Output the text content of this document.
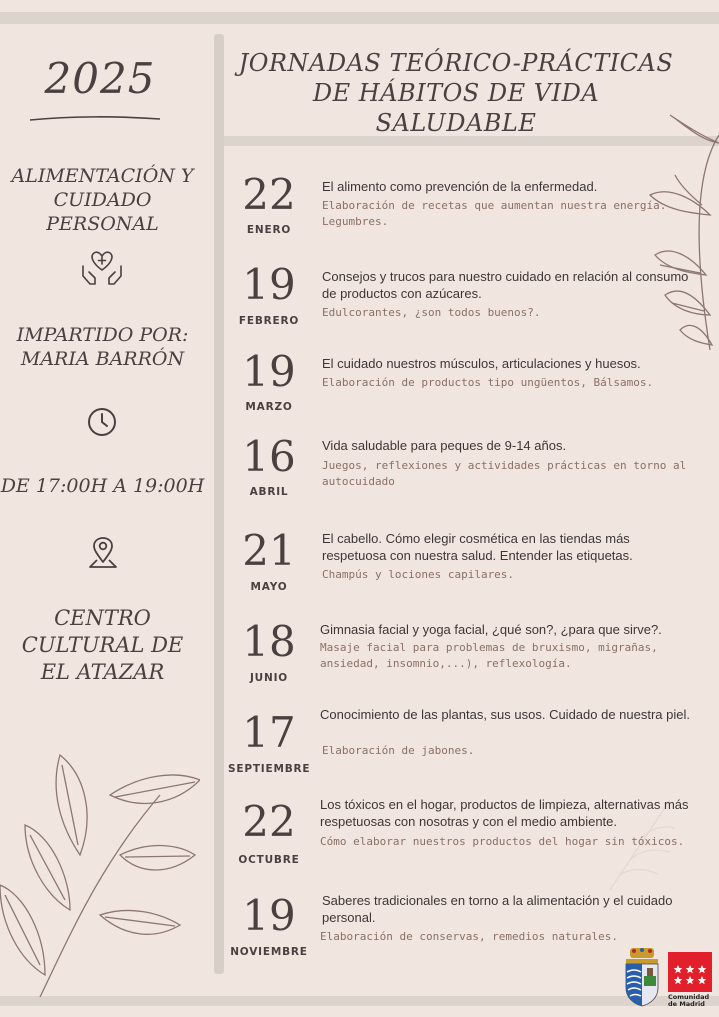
2025
ALIMENTACIÓN Y
CUIDADO PERSONAL
IMPARTIDO POR:
MARIA BARRÓN
DE 17:00H A 19:00H
CENTRO
CULTURAL DE
EL ATAZAR
JORNADAS TEÓRICO-PRÁCTICAS
DE HÁBITOS DE VIDA SALUDABLE
22
ENERO
El alimento como prevención de la enfermedad.
Elaboración de recetas que aumentan nuestra energía. Legumbres.
19
FEBRERO
Consejos y trucos para nuestro cuidado en relación al consumo de productos con azúcares.
Edulcorantes, ¿son todos buenos?.
19
MARZO
El cuidado nuestros músculos, articulaciones y huesos.
Elaboración de productos tipo ungüentos, Bálsamos.
16
ABRIL
Vida saludable para peques de 9-14 años.
Juegos, reflexiones y actividades prácticas en torno al autocuidado
21
MAYO
El cabello. Cómo elegir cosmética en las tiendas más respetuosa con nuestra salud. Entender las etiquetas.
Champús y lociones capilares.
18
JUNIO
Gimnasia facial y yoga facial, ¿qué son?, ¿para que sirve?.
Masaje facial para problemas de bruxismo, migrañas, ansiedad, insomnio,...), reflexología.
17
SEPTIEMBRE
Conocimiento de las plantas, sus usos. Cuidado de nuestra piel.
Elaboración de jabones.
22
OCTUBRE
Los tóxicos en el hogar, productos de limpieza, alternativas más respetuosas con nosotras y con el medio ambiente.
Cómo elaborar nuestros productos del hogar sin tóxicos.
19
NOVIEMBRE
Saberes tradicionales en torno a la alimentación y el cuidado personal.
Elaboración de conservas, remedios naturales.
Comunidad
de Madrid
